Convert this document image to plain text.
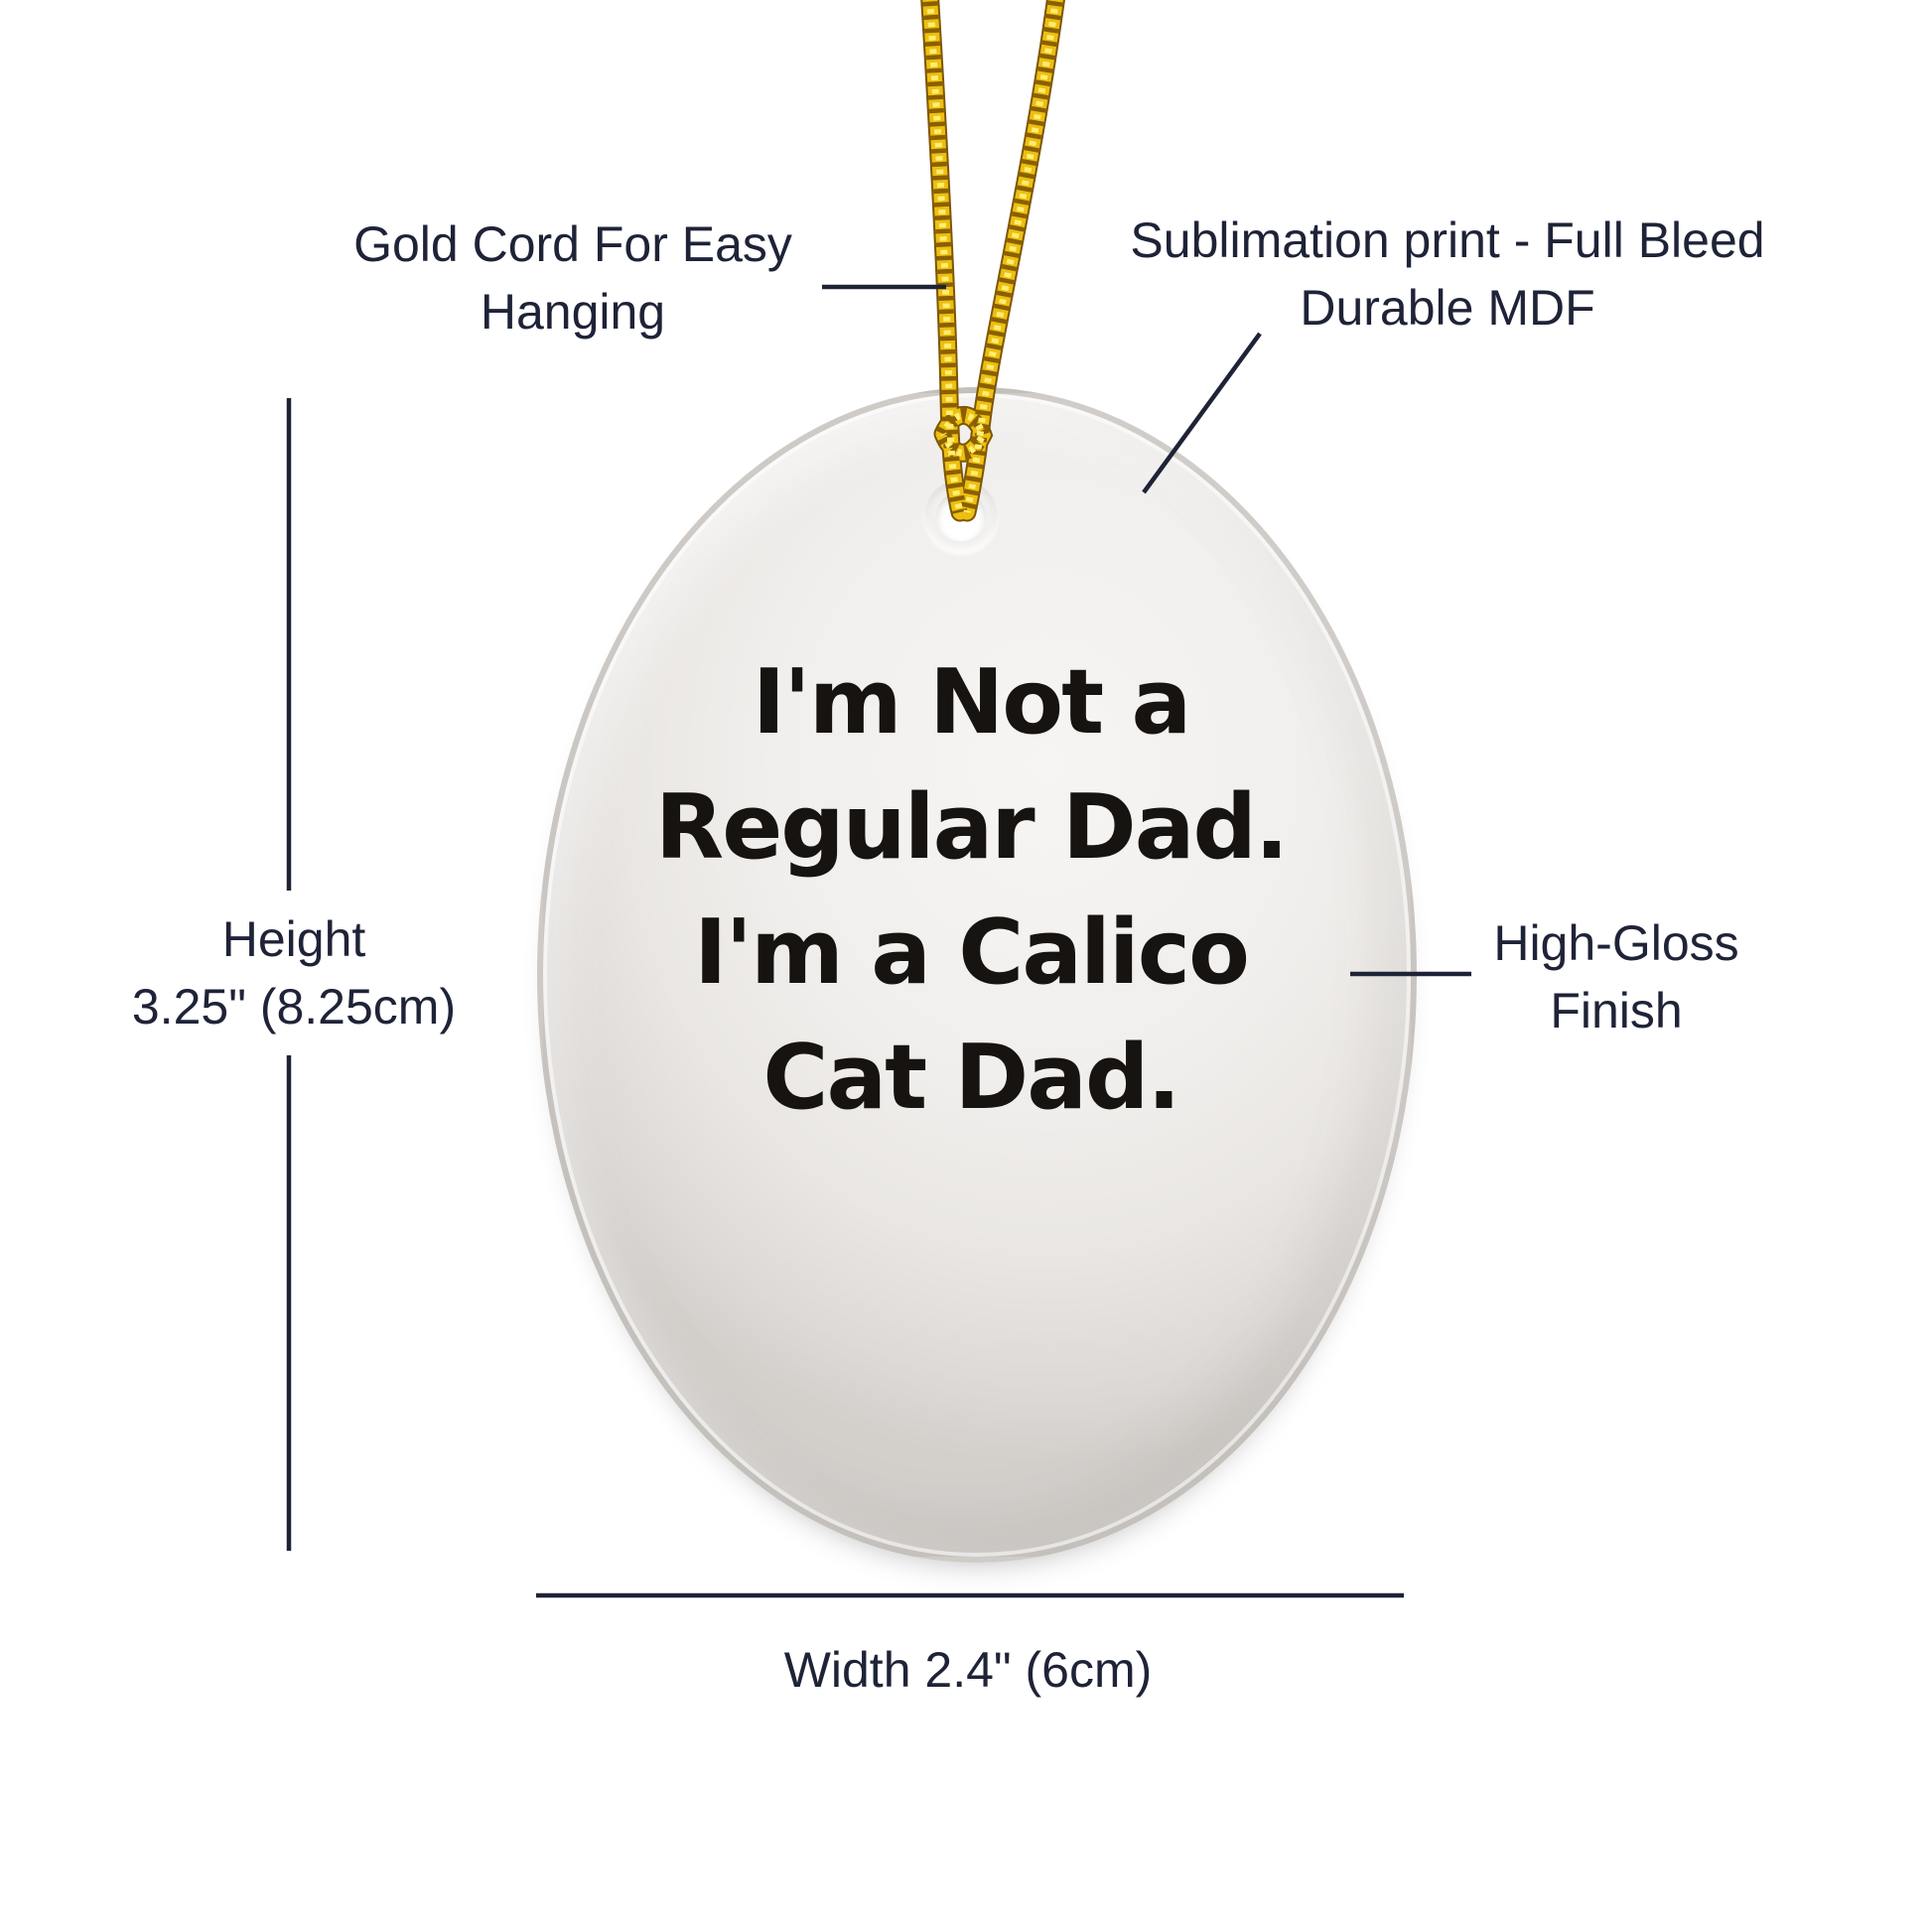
I'm Not a
Regular Dad.
I'm a Calico
Cat Dad.
Gold Cord For Easy
Hanging
Sublimation print - Full Bleed
Durable MDF
High-Gloss
Finish
Height
3.25" (8.25cm)
Width 2.4" (6cm)
